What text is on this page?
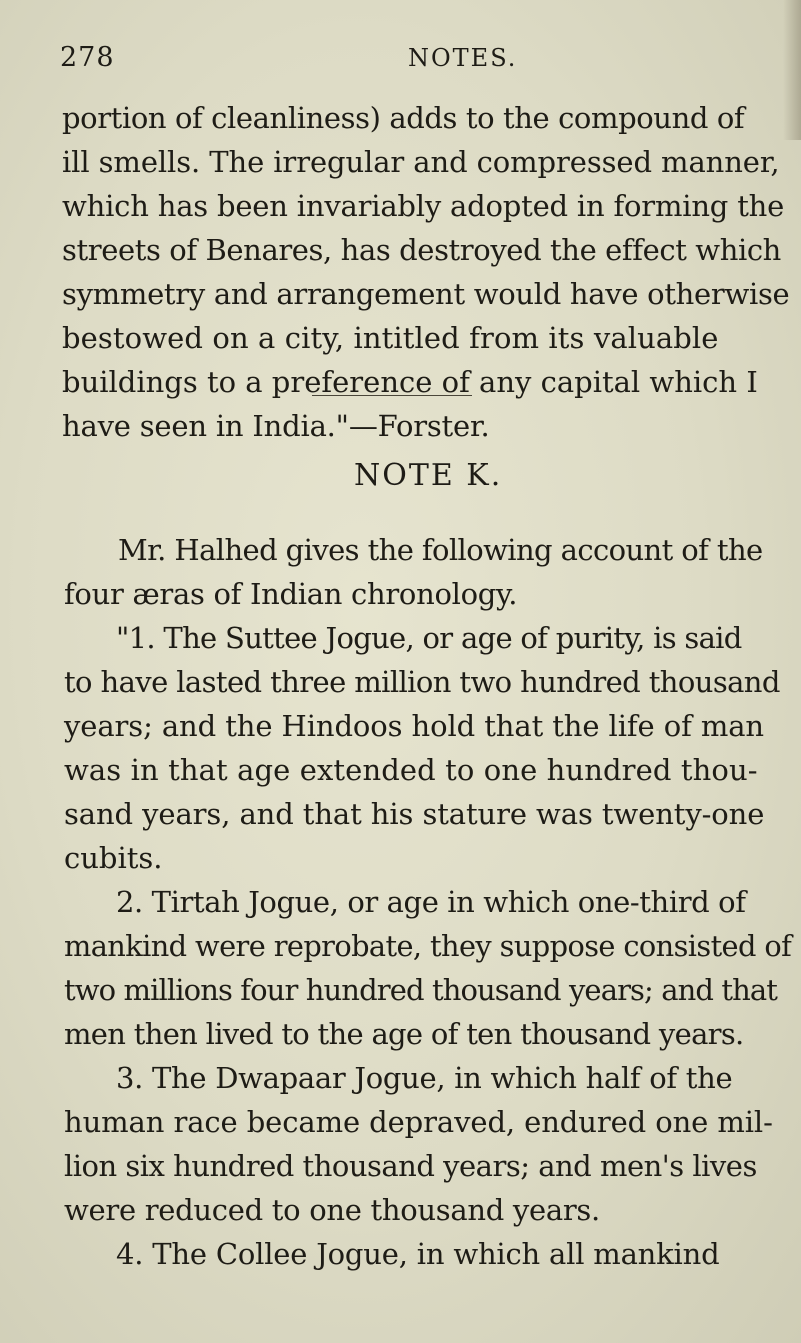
278	NOTES.
portion of cleanliness) adds to the compound of
ill smells. The irregular and compressed manner,
which has been invariably adopted in forming the
streets of Benares, has destroyed the effect which
symmetry and arrangement would have otherwise
bestowed on a city, intitled from its valuable
buildings to a preference of any capital which I
have seen in India."—Forster.
NOTE K.
Mr. Halhed gives the following account of the
four æras of Indian chronology.
"1. The Suttee Jogue, or age of purity, is said
to have lasted three million two hundred thousand
years; and the Hindoos hold that the life of man
was in that age extended to one hundred thou-
sand years, and that his stature was twenty-one
cubits.
2. Tirtah Jogue, or age in which one-third of
mankind were reprobate, they suppose consisted of
two millions four hundred thousand years; and that
men then lived to the age of ten thousand years.
3. The Dwapaar Jogue, in which half of the
human race became depraved, endured one mil-
lion six hundred thousand years; and men's lives
were reduced to one thousand years.
4. The Collee Jogue, in which all mankind
